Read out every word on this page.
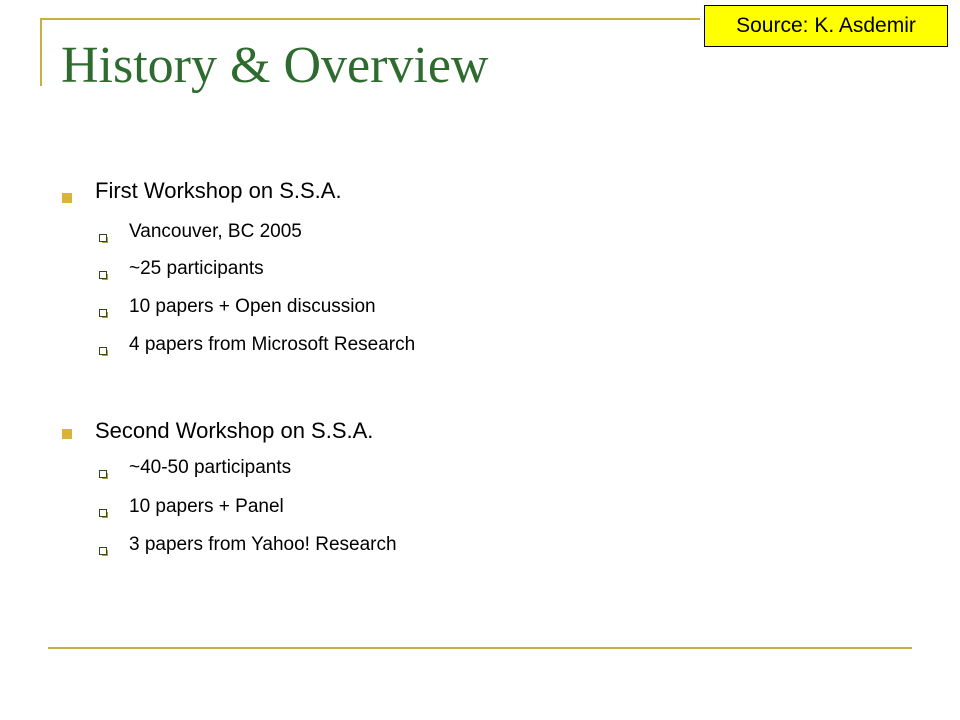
Source: K. Asdemir
History & Overview
First Workshop on S.S.A.
Vancouver, BC 2005
~25 participants
10 papers + Open discussion
4 papers from Microsoft Research
Second Workshop on S.S.A.
~40-50 participants
10 papers + Panel
3 papers from Yahoo! Research
